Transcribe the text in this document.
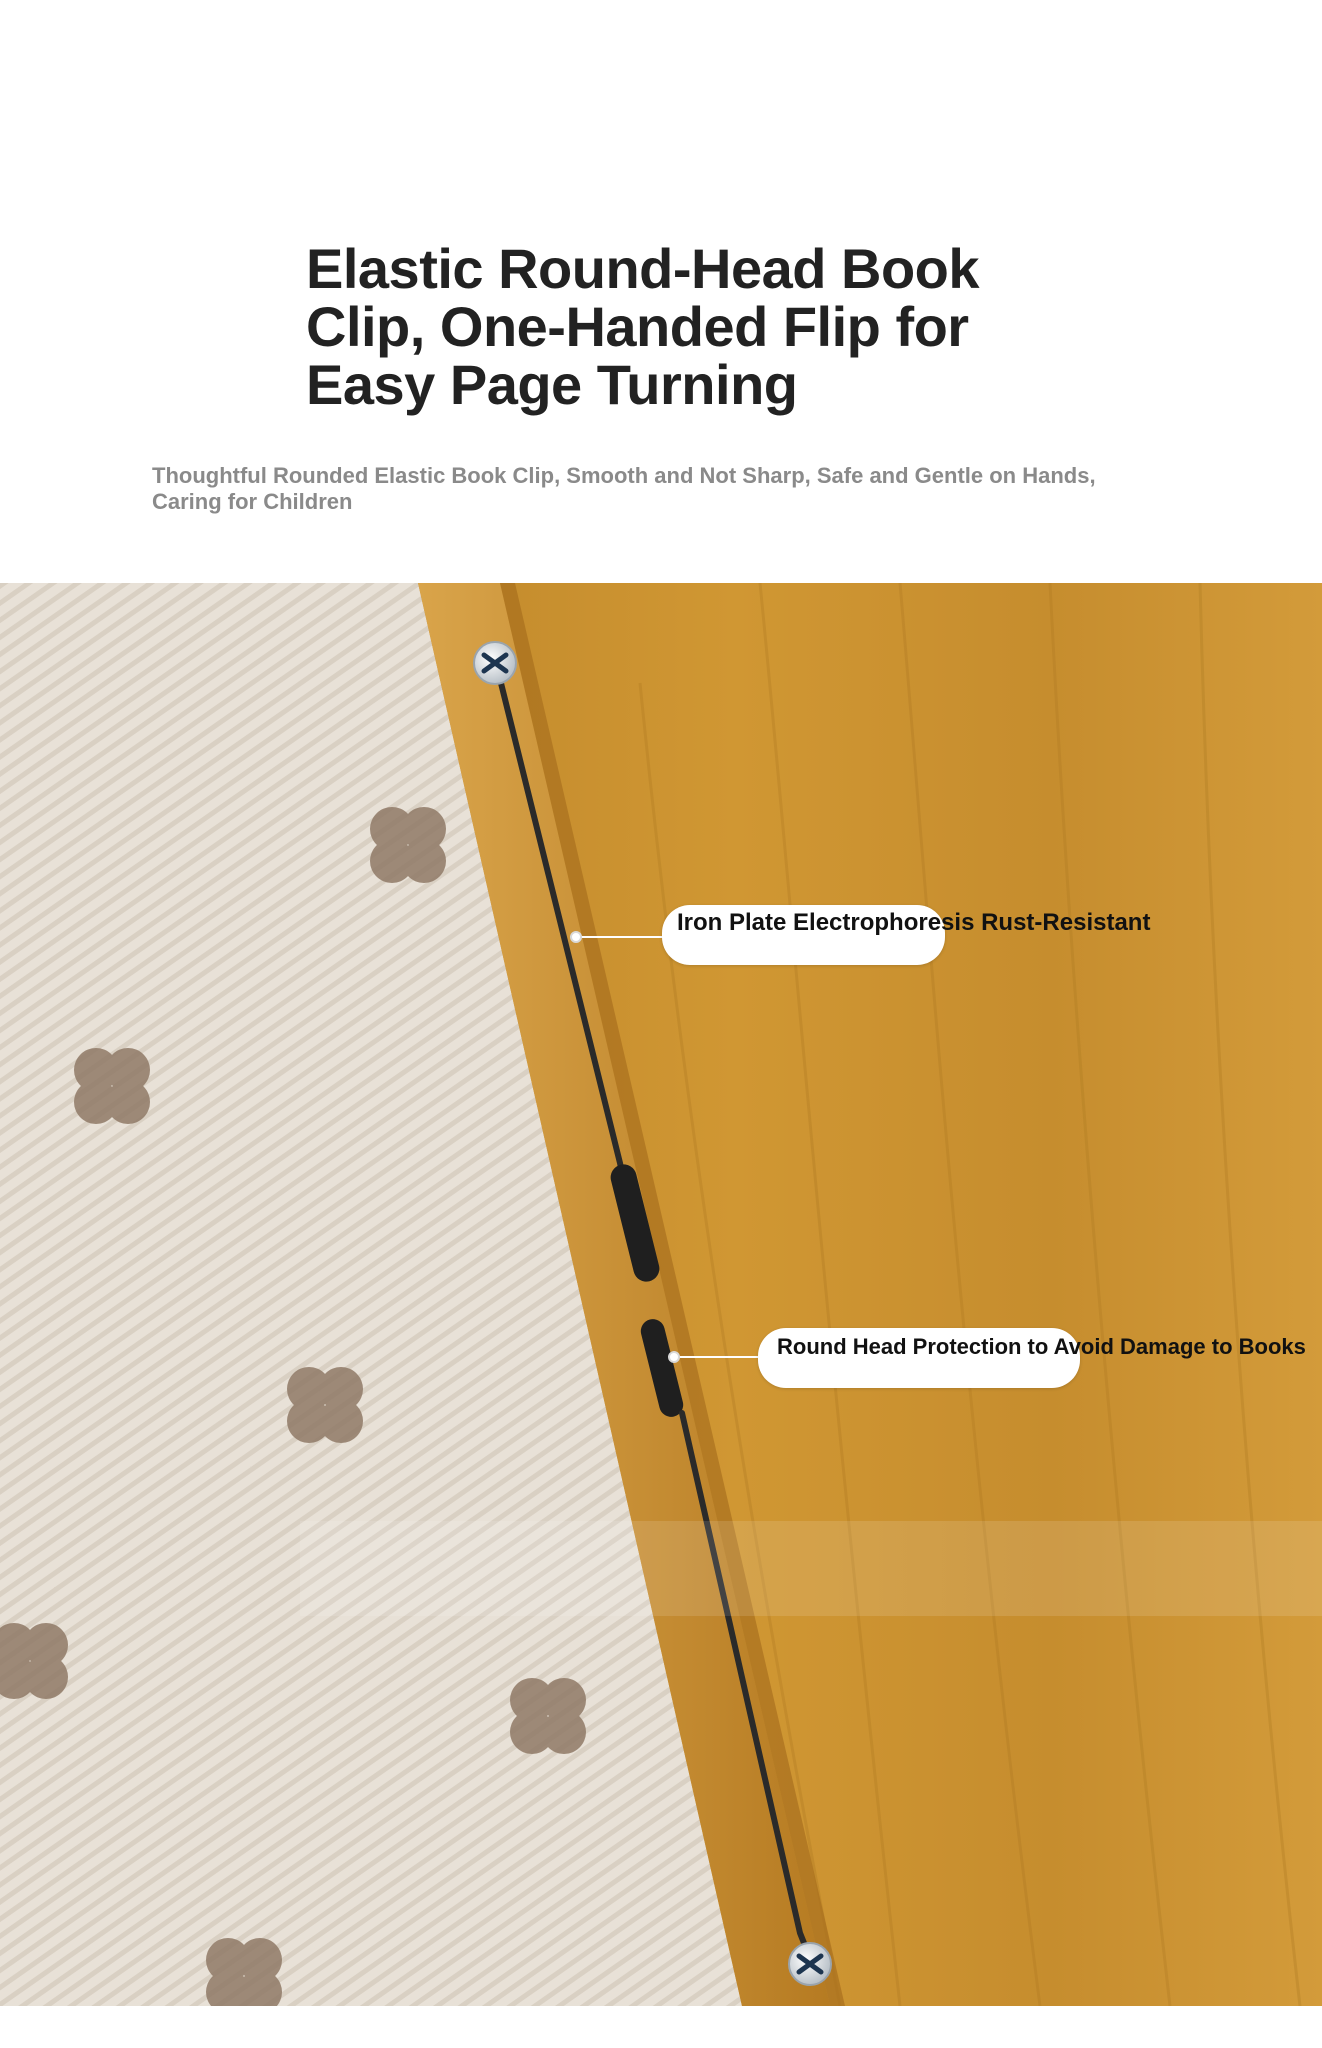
Elastic Round-Head Book Clip, One-Handed Flip for Easy Page Turning

Thoughtful Rounded Elastic Book Clip, Smooth and Not Sharp, Safe and Gentle on Hands, Caring for Children

Iron Plate Electrophoresis Rust-Resistant
Round Head Protection to Avoid Damage to Books
